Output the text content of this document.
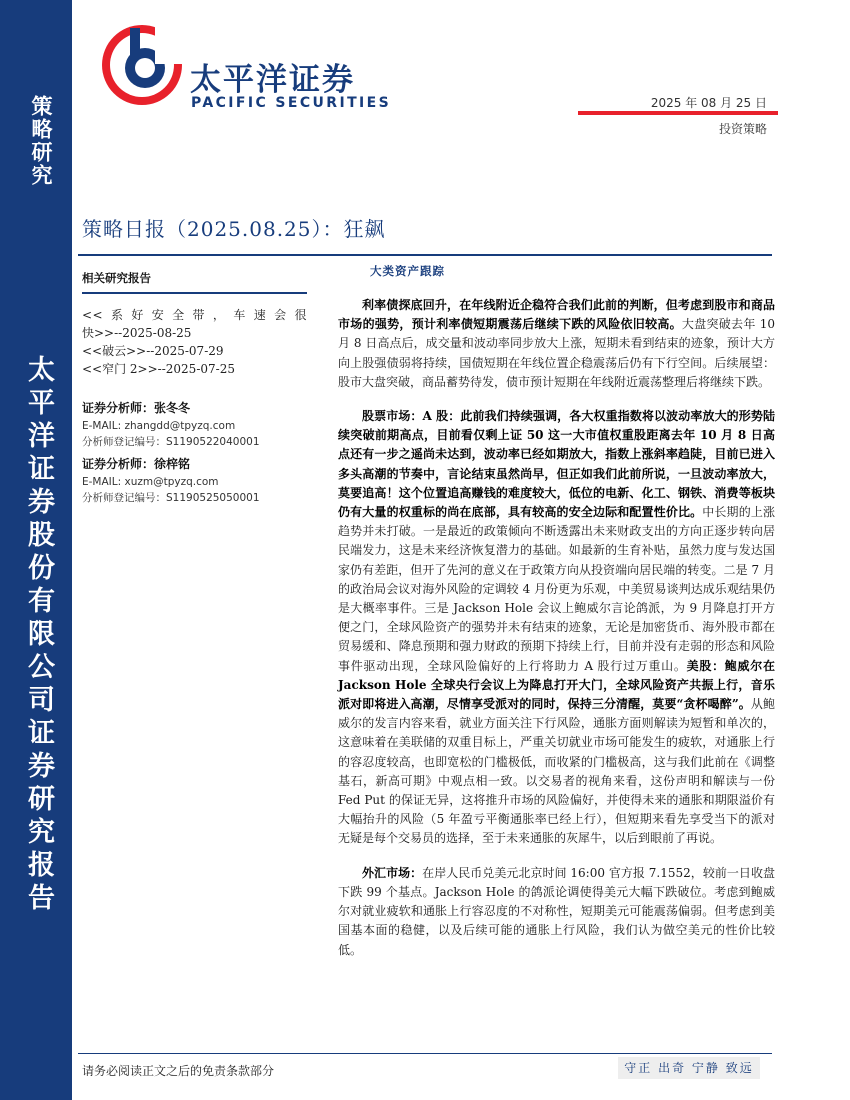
策略研究
太平洋证券股份有限公司证券研究报告
太平洋证券
PACIFIC SECURITIES	2025 年 08 月 25 日
投资策略
策略日报（2025.08.25）：狂飙
相关研究报告
<<系好安全带，车速会很
快>>--2025-08-25
<<破云>>--2025-07-29
<<窄门 2>>--2025-07-25
证券分析师：张冬冬
E-MAIL: zhangdd@tpyzq.com
分析师登记编号：S1190522040001
证券分析师：徐梓铭
E-MAIL: xuzm@tpyzq.com
分析师登记编号：S1190525050001
大类资产跟踪

利率债探底回升，在年线附近企稳符合我们此前的判断，但考虑到股市和商品市场的强势，预计利率债短期震荡后继续下跌的风险依旧较高。大盘突破去年 10 月 8 日高点后，成交量和波动率同步放大上涨，短期未看到结束的迹象，预计大方向上股强债弱将持续，国债短期在年线位置企稳震荡后仍有下行空间。后续展望：股市大盘突破，商品蓄势待发，债市预计短期在年线附近震荡整理后将继续下跌。

股票市场：A 股：此前我们持续强调，各大权重指数将以波动率放大的形势陆续突破前期高点，目前看仅剩上证 50 这一大市值权重股距离去年 10 月 8 日高点还有一步之遥尚未达到，波动率已经如期放大，指数上涨斜率趋陡，目前已进入多头高潮的节奏中，言论结束虽然尚早，但正如我们此前所说，一旦波动率放大，莫要追高！这个位置追高赚钱的难度较大，低位的电新、化工、钢铁、消费等板块仍有大量的权重标的尚在底部，具有较高的安全边际和配置性价比。中长期的上涨趋势并未打破。一是最近的政策倾向不断透露出未来财政支出的方向正逐步转向居民端发力，这是未来经济恢复潜力的基础。如最新的生育补贴，虽然力度与发达国家仍有差距，但开了先河的意义在于政策方向从投资端向居民端的转变。二是 7 月的政治局会议对海外风险的定调较 4 月份更为乐观，中美贸易谈判达成乐观结果仍是大概率事件。三是 Jackson Hole 会议上鲍威尔言论鸽派，为 9 月降息打开方便之门，全球风险资产的强势并未有结束的迹象，无论是加密货币、海外股市都在贸易缓和、降息预期和强力财政的预期下持续上行，目前并没有走弱的形态和风险事件驱动出现，全球风险偏好的上行将助力 A 股行过万重山。美股：鲍威尔在 Jackson Hole 全球央行会议上为降息打开大门，全球风险资产共振上行，音乐派对即将进入高潮，尽情享受派对的同时，保持三分清醒，莫要“贪杯喝醉”。从鲍威尔的发言内容来看，就业方面关注下行风险，通胀方面则解读为短暂和单次的，这意味着在美联储的双重目标上，严重关切就业市场可能发生的疲软，对通胀上行的容忍度较高，也即宽松的门槛极低，而收紧的门槛极高，这与我们此前在《调整基石，新高可期》中观点相一致。以交易者的视角来看，这份声明和解读与一份 Fed Put 的保证无异，这将推升市场的风险偏好，并使得未来的通胀和期限溢价有大幅抬升的风险（5 年盈亏平衡通胀率已经上行），但短期来看先享受当下的派对无疑是每个交易员的选择，至于未来通胀的灰犀牛，以后到眼前了再说。

外汇市场：在岸人民币兑美元北京时间 16:00 官方报 7.1552，较前一日收盘下跌 99 个基点。Jackson Hole 的鸽派论调使得美元大幅下跌破位。考虑到鲍威尔对就业疲软和通胀上行容忍度的不对称性，短期美元可能震荡偏弱。但考虑到美国基本面的稳健，以及后续可能的通胀上行风险，我们认为做空美元的性价比较低。

请务必阅读正文之后的免责条款部分	守正 出奇 宁静 致远
